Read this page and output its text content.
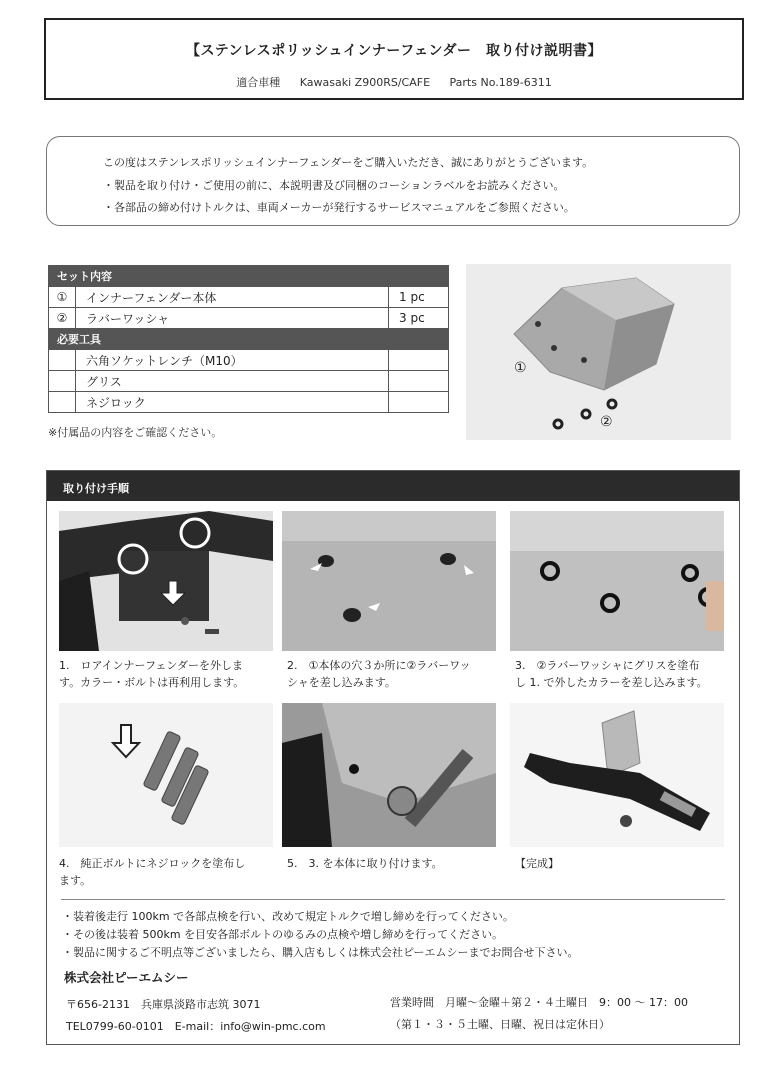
【ステンレスポリッシュインナーフェンダー　取り付け説明書】
適合車種 Kawasaki Z900RS/CAFE Parts No.189-6311
この度はステンレスポリッシュインナーフェンダーをご購入いただき、誠にありがとうございます。
・製品を取り付け・ご使用の前に、本説明書及び同梱のコーションラベルをお読みください。
・各部品の締め付けトルクは、車両メーカーが発行するサービスマニュアルをご参照ください。
セット内容		
①	インナーフェンダー本体	1 pc
②	ラバーワッシャ	3 pc
必要工具		
	六角ソケットレンチ（M10）	
	グリス	
	ネジロック	
※付属品の内容をご確認ください。
①
②
取り付け手順
1.　ロアインナーフェンダーを外しま
す。カラー・ボルトは再利用します。
2.　①本体の穴３か所に②ラバーワッ
シャを差し込みます。
3.　②ラバーワッシャにグリスを塗布
し 1. で外したカラーを差し込みます。
4.　純正ボルトにネジロックを塗布し
ます。
5.　3. を本体に取り付けます。	【完成】
・装着後走行 100km で各部点検を行い、改めて規定トルクで増し締めを行ってください。
・その後は装着 500km を目安各部ボルトのゆるみの点検や増し締めを行ってください。
・製品に関するご不明点等ございましたら、購入店もしくは株式会社ピーエムシーまでお問合せ下さい。
株式会社ピーエムシー
〒656-2131　兵庫県淡路市志筑 3071
TEL0799-60-0101　E-mail：info@win-pmc.com
営業時間　月曜〜金曜＋第２・４土曜日　9：00 〜 17：00
（第１・３・５土曜、日曜、祝日は定休日）
